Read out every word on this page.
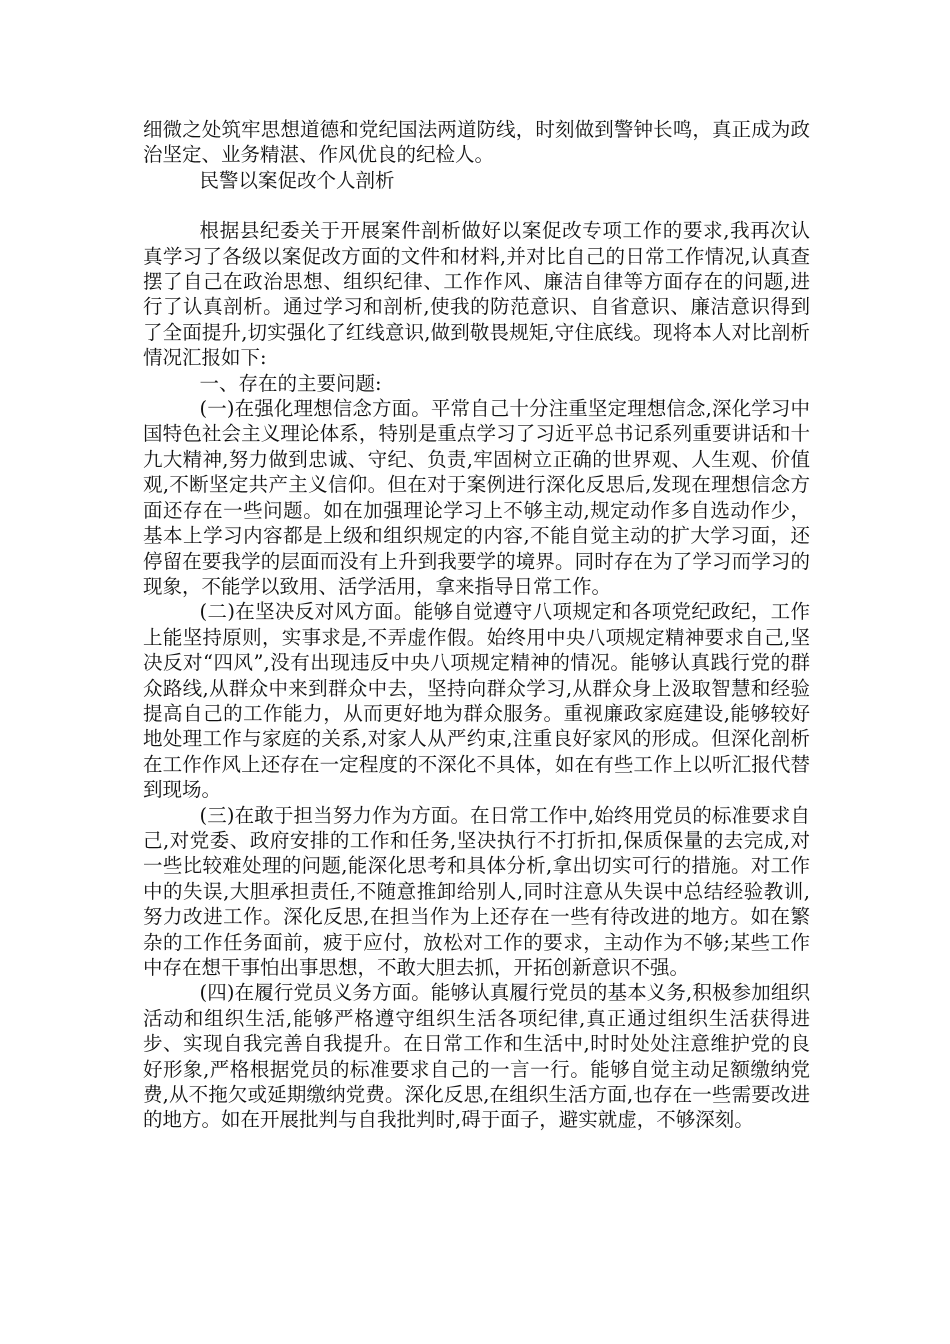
细微之处筑牢思想道德和党纪国法两道防线，时刻做到警钟长鸣，真正成为政治坚定、业务精湛、作风优良的纪检人。

民警以案促改个人剖析

根据县纪委关于开展案件剖析做好以案促改专项工作的要求,我再次认真学习了各级以案促改方面的文件和材料,并对比自己的日常工作情况,认真查摆了自己在政治思想、组织纪律、工作作风、廉洁自律等方面存在的问题,进行了认真剖析。通过学习和剖析,使我的防范意识、自省意识、廉洁意识得到了全面提升,切实强化了红线意识,做到敬畏规矩,守住底线。现将本人对比剖析情况汇报如下:

一、存在的主要问题:

(一)在强化理想信念方面。平常自己十分注重坚定理想信念,深化学习中国特色社会主义理论体系，特别是重点学习了习近平总书记系列重要讲话和十九大精神,努力做到忠诚、守纪、负责,牢固树立正确的世界观、人生观、价值观,不断坚定共产主义信仰。但在对于案例进行深化反思后,发现在理想信念方面还存在一些问题。如在加强理论学习上不够主动,规定动作多自选动作少，基本上学习内容都是上级和组织规定的内容,不能自觉主动的扩大学习面，还停留在要我学的层面而没有上升到我要学的境界。同时存在为了学习而学习的现象，不能学以致用、活学活用，拿来指导日常工作。

(二)在坚决反对风方面。能够自觉遵守八项规定和各项党纪政纪，工作上能坚持原则，实事求是,不弄虚作假。始终用中央八项规定精神要求自己,坚决反对“四风”,没有出现违反中央八项规定精神的情况。能够认真践行党的群众路线,从群众中来到群众中去，坚持向群众学习,从群众身上汲取智慧和经验提高自己的工作能力，从而更好地为群众服务。重视廉政家庭建设,能够较好地处理工作与家庭的关系,对家人从严约束,注重良好家风的形成。但深化剖析在工作作风上还存在一定程度的不深化不具体，如在有些工作上以听汇报代替到现场。

(三)在敢于担当努力作为方面。在日常工作中,始终用党员的标准要求自己,对党委、政府安排的工作和任务,坚决执行不打折扣,保质保量的去完成,对一些比较难处理的问题,能深化思考和具体分析,拿出切实可行的措施。对工作中的失误,大胆承担责任,不随意推卸给别人,同时注意从失误中总结经验教训,努力改进工作。深化反思,在担当作为上还存在一些有待改进的地方。如在繁杂的工作任务面前，疲于应付，放松对工作的要求，主动作为不够;某些工作中存在想干事怕出事思想，不敢大胆去抓，开拓创新意识不强。

(四)在履行党员义务方面。能够认真履行党员的基本义务,积极参加组织活动和组织生活,能够严格遵守组织生活各项纪律,真正通过组织生活获得进步、实现自我完善自我提升。在日常工作和生活中,时时处处注意维护党的良好形象,严格根据党员的标准要求自己的一言一行。能够自觉主动足额缴纳党费,从不拖欠或延期缴纳党费。深化反思,在组织生活方面,也存在一些需要改进的地方。如在开展批判与自我批判时,碍于面子，避实就虚，不够深刻。
